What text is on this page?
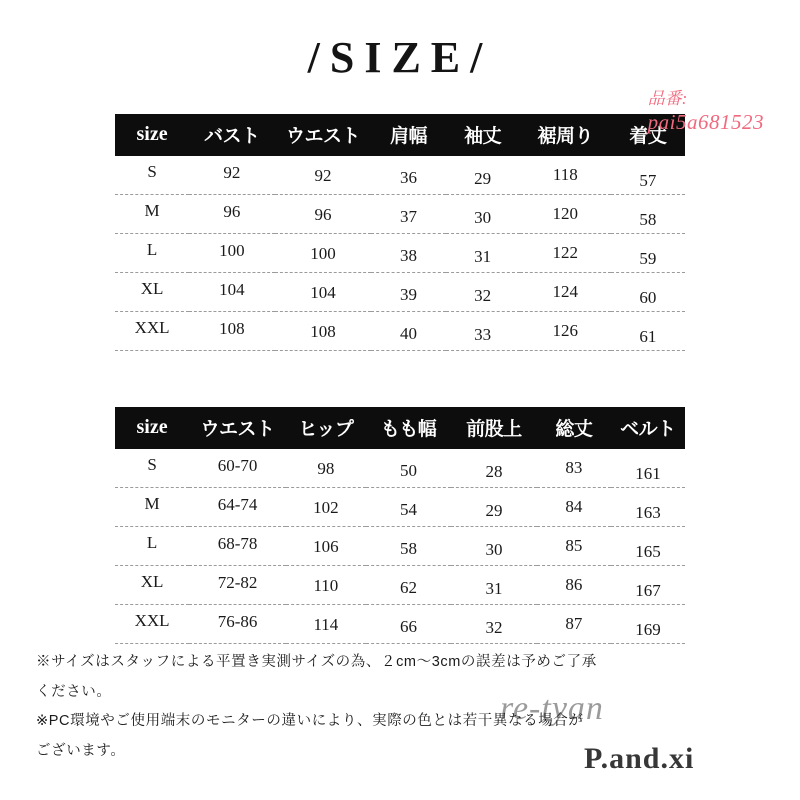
/SIZE/
品番:
pai5a681523
size	バスト	ウエスト	肩幅	袖丈	裾周り	着丈
S	92	92	36	29	118	57
M	96	96	37	30	120	58
L	100	100	38	31	122	59
XL	104	104	39	32	124	60
XXL	108	108	40	33	126	61
size	ウエスト	ヒップ	もも幅	前股上	総丈	ベルト
S	60-70	98	50	28	83	161
M	64-74	102	54	29	84	163
L	68-78	106	58	30	85	165
XL	72-82	110	62	31	86	167
XXL	76-86	114	66	32	87	169

※サイズはスタッフによる平置き実測サイズの為、２cm〜3cmの誤差は予めご了承

ください。

※PC環境やご使用端末のモニターの違いにより、実際の色とは若干異なる場合が

ございます。

re-tyan
P.and.xi
